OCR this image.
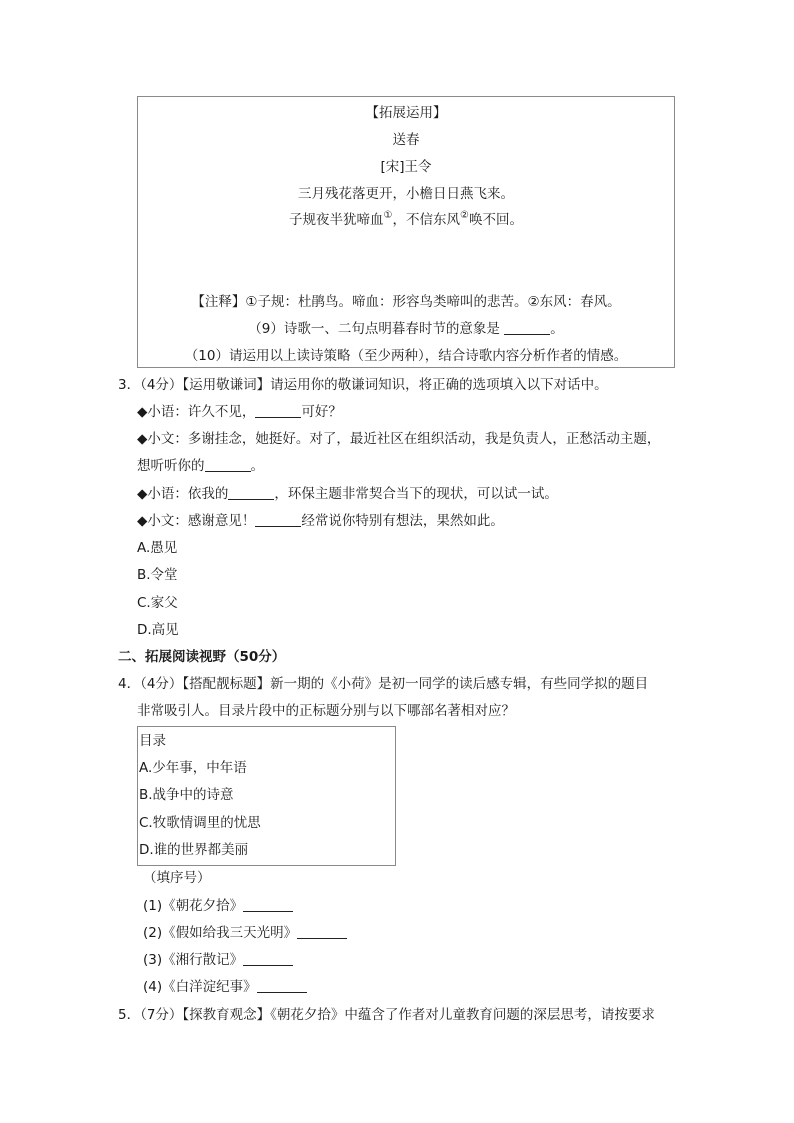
【拓展运用】
送春
[宋]王令
三月残花落更开，小檐日日燕飞来。
子规夜半犹啼血①，不信东风②唤不回。
【注释】①子规：杜鹃鸟。啼血：形容鸟类啼叫的悲苦。②东风：春风。
（9）诗歌一、二句点明暮春时节的意象是	。
（10）请运用以上读诗策略（至少两种），结合诗歌内容分析作者的情感。
3．（4分）【运用敬谦词】请运用你的敬谦词知识，将正确的选项填入以下对话中。
◆小语：许久不见，	可好？
◆小文：多谢挂念，她挺好。对了，最近社区在组织活动，我是负责人，正愁活动主题，
想听听你的	。
◆小语：依我的	，环保主题非常契合当下的现状，可以试一试。
◆小文：感谢意见！	经常说你特别有想法，果然如此。
A.愚见
B.令堂
C.家父
D.高见
二、拓展阅读视野（50分）
4．（4分）【搭配靓标题】新一期的《小荷》是初一同学的读后感专辑，有些同学拟的题目
非常吸引人。目录片段中的正标题分别与以下哪部名著相对应？
目录
A.少年事，中年语
B.战争中的诗意
C.牧歌情调里的忧思
D.谁的世界都美丽
（填序号）
(1)《朝花夕拾》
(2)《假如给我三天光明》
(3)《湘行散记》
(4)《白洋淀纪事》
5．（7分）【探教育观念】《朝花夕拾》中蕴含了作者对儿童教育问题的深层思考，请按要求
